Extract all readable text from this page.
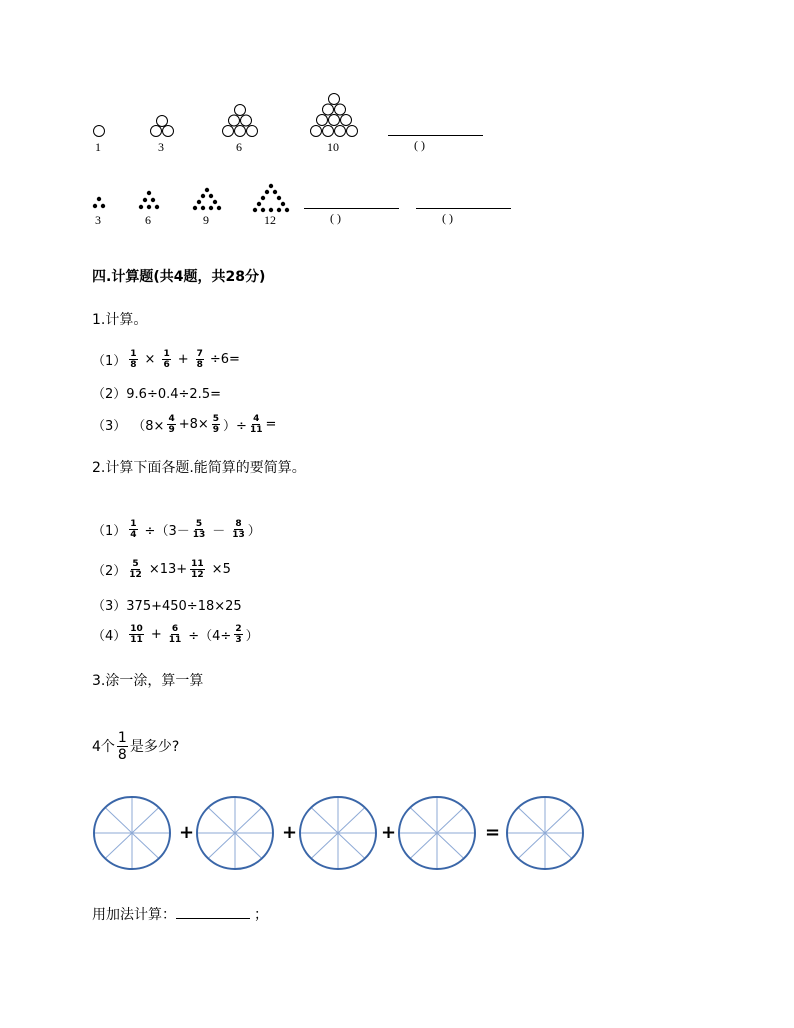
1	3	6	10	( )
3	6	9	12	( )	( )
四.计算题(共4题，共28分)
1.计算。
$(1) \frac{1}{8} \times \frac{1}{6} + \frac{7}{8} \div 6=$
（2）9.6÷0.4÷2.5=
（3） （$8\times \frac{4}{9} +8\times \frac{5}{9}$ ）÷ $\frac{4}{11}$ =
2.计算下面各题.能简算的要简算。
$(1) \frac{1}{4} \div(3- \frac{5}{13} - \frac{8}{13}$ ）
$(2) \frac{5}{12} \times 13+ \frac{11}{12} \times 5$
（3）375+450÷18×25
$(4) \frac{10}{11} + \frac{6}{11} \div(4\div \frac{2}{3}$ ）
3.涂一涂，算一算
4个 $\frac{1}{8}$ 是多少?
+	+	+	=
用加法计算：	；
